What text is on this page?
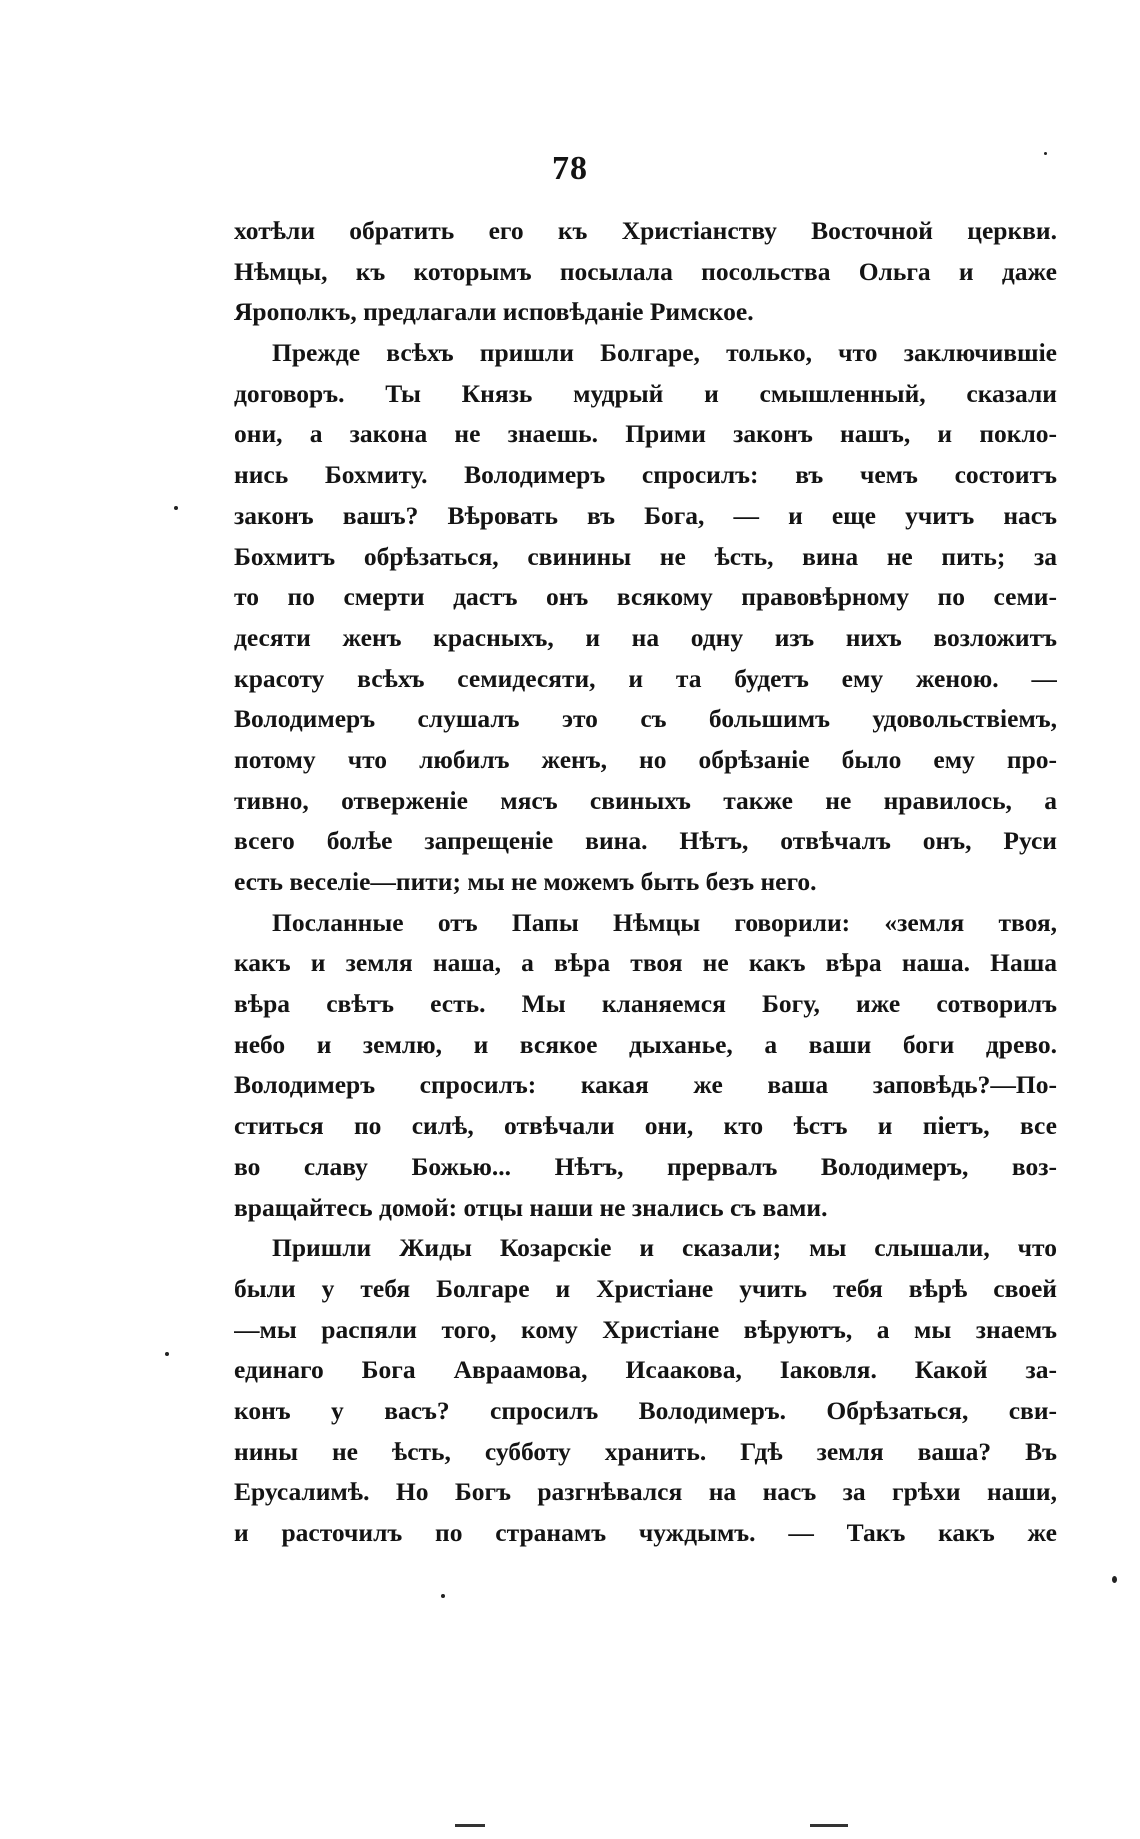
78
хотѣли обратить его къ Христіанству Восточной церкви.
Нѣмцы, къ которымъ посылала посольства Ольга и даже
Ярополкъ, предлагали исповѣданіе Римское.
Прежде всѣхъ пришли Болгаре, только, что заключившіе
договоръ. Ты Князь мудрый и смышленный, сказали
они, а закона не знаешь. Прими законъ нашъ, и покло-
нись Бохмиту. Володимеръ спросилъ: въ чемъ состоитъ
законъ вашъ? Вѣровать въ Бога, — и еще учитъ насъ
Бохмитъ обрѣзаться, свинины не ѣсть, вина не пить; за
то по смерти дастъ онъ всякому правовѣрному по семи-
десяти женъ красныхъ, и на одну изъ нихъ возложитъ
красоту всѣхъ семидесяти, и та будетъ ему женою. —
Володимеръ слушалъ это съ большимъ удовольствіемъ,
потому что любилъ женъ, но обрѣзаніе было ему про-
тивно, отверженіе мясъ свиныхъ также не нравилось, а
всего болѣе запрещеніе вина. Нѣтъ, отвѣчалъ онъ, Руси
есть веселіе—пити; мы не можемъ быть безъ него.
Посланные отъ Папы Нѣмцы говорили: «земля твоя,
какъ и земля наша, а вѣра твоя не какъ вѣра наша. Наша
вѣра свѣтъ есть. Мы кланяемся Богу, иже сотворилъ
небо и землю, и всякое дыханье, а ваши боги древо.
Володимеръ спросилъ: какая же ваша заповѣдь?—По-
ститься по силѣ, отвѣчали они, кто ѣстъ и піетъ, все
во славу Божью... Нѣтъ, прервалъ Володимеръ, воз-
вращайтесь домой: отцы наши не знались съ вами.
Пришли Жиды Козарскіе и сказали; мы слышали, что
были у тебя Болгаре и Христіане учить тебя вѣрѣ своей
—мы распяли того, кому Христіане вѣруютъ, а мы знаемъ
единаго Бога Авраамова, Исаакова, Іаковля. Какой за-
конъ у васъ? спросилъ Володимеръ. Обрѣзаться, сви-
нины не ѣсть, субботу хранить. Гдѣ земля ваша? Въ
Ерусалимѣ. Но Богъ разгнѣвался на насъ за грѣхи наши,
и расточилъ по странамъ чуждымъ. — Такъ какъ же
